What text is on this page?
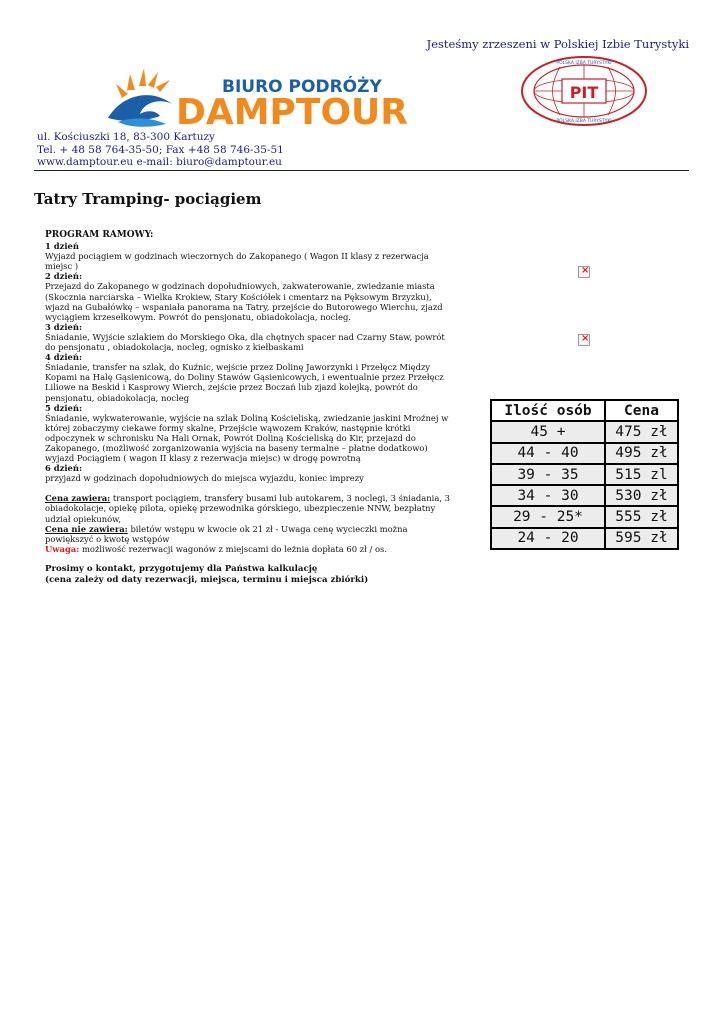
Jesteśmy zrzeszeni w Polskiej Izbie Turystyki
BIURO PODRÓŻY
DAMPTOUR	PIT
POLSKA IZBA TURYSTYKI
POLSKA IZBA TURYSTYKI
ul. Kościuszki 18, 83-300 Kartuzy
Tel. + 48 58 764-35-50; Fax +48 58 746-35-51
www.damptour.eu e-mail: biuro@damptour.eu
Tatry Tramping- pociągiem
PROGRAM RAMOWY:
1 dzień

Wyjazd pociągiem w godzinach wieczornych do Zakopanego ( Wagon II klasy z rezerwacja miejsc )

2 dzień:

Przejazd do Zakopanego w godzinach dopołudniowych, zakwaterowanie, zwiedzanie miasta (Skocznia narciarska – Wielka Krokiew, Stary Kościółek i cmentarz na Pęksowym Brzyzku), wjazd na Gubałówkę – wspaniała panorama na Tatry, przejście do Butorowego Wierchu, zjazd wyciągiem krzesełkowym. Powrót do pensjonatu, obiadokolacja, nocleg.

3 dzień:

Śniadanie, Wyjście szlakiem do Morskiego Oka, dla chętnych spacer nad Czarny Staw, powrót do pensjonatu , obiadokolacja, nocleg, ognisko z kiełbaskami

4 dzień:

Śniadanie, transfer na szlak, do Kuźnic, wejście przez Dolinę Jaworzynki i Przełęcz Między Kopami na Halę Gąsienicową, do Doliny Stawów Gąsienicowych, i ewentualnie przez Przełęcz Liliowe na Beskid i Kasprowy Wierch, zejście przez Boczań lub zjazd kolejką, powrót do pensjonatu, obiadokolacja, nocleg

5 dzień:

Śniadanie, wykwaterowanie, wyjście na szlak Doliną Kościeliską, zwiedzanie jaskini Mroźnej w której zobaczymy ciekawe formy skalne, Przejście wąwozem Kraków, następnie krótki odpoczynek w schronisku Na Hali Ornak, Powrót Doliną Kościeliską do Kir, przejazd do Zakopanego, (możliwość zorganizowania wyjścia na baseny termalne – płatne dodatkowo) wyjazd Pociągiem ( wagon II klasy z rezerwacja miejsc) w drogę powrotną

6 dzień:

przyjazd w godzinach dopołudniowych do miejsca wyjazdu, koniec imprezy

Cena zawiera: transport pociągiem, transfery busami lub autokarem, 3 noclegi, 3 śniadania, 3 obiadokolacje, opiekę pilota, opiekę przewodnika górskiego, ubezpieczenie NNW, bezpłatny udział opiekunów,

Cena nie zawiera: biletów wstępu w kwocie ok 21 zł - Uwaga cenę wycieczki można powiększyć o kwotę wstępów

Uwaga: możliwość rezerwacji wagonów z miejscami do leżnia dopłata 60 zł / os.

Prosimy o kontakt, przygotujemy dla Państwa kalkulację
(cena zależy od daty rezerwacji, miejsca, terminu i miejsca zbiórki)
×
×
Ilość osób	Cena
45 +	475 zł
44 - 40	495 zł
39 - 35	515 zl
34 - 30	530 zł
29 - 25*	555 zł
24 - 20	595 zł
